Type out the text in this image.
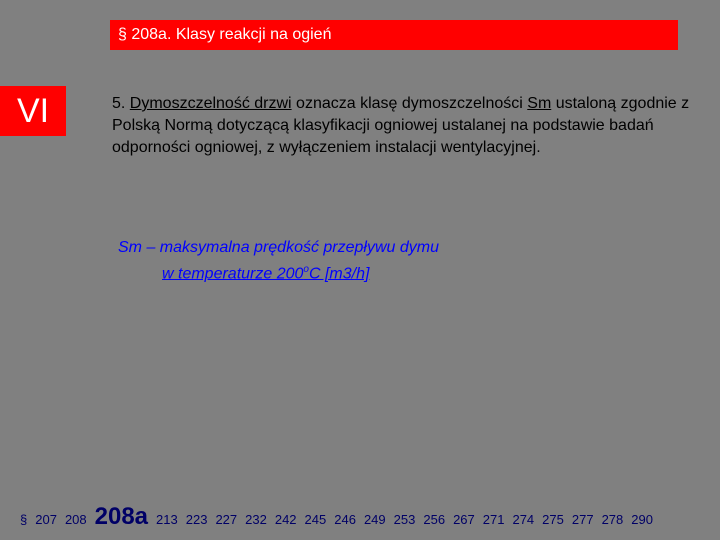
§ 208a. Klasy reakcji na ogień
VI	5. Dymoszczelność drzwi oznacza klasę dymoszczelności Sm ustaloną zgodnie z Polską Normą dotyczącą klasyfikacji ogniowej ustalanej na podstawie badań odporności ogniowej, z wyłączeniem instalacji wentylacyjnej.

Sm – maksymalna prędkość przepływu dymu
w temperaturze 200$^o$C [m3/h]
§ 207 208 208a 213 223 227 232 242 245 246 249 253 256 267 271 274 275 277 278 290
